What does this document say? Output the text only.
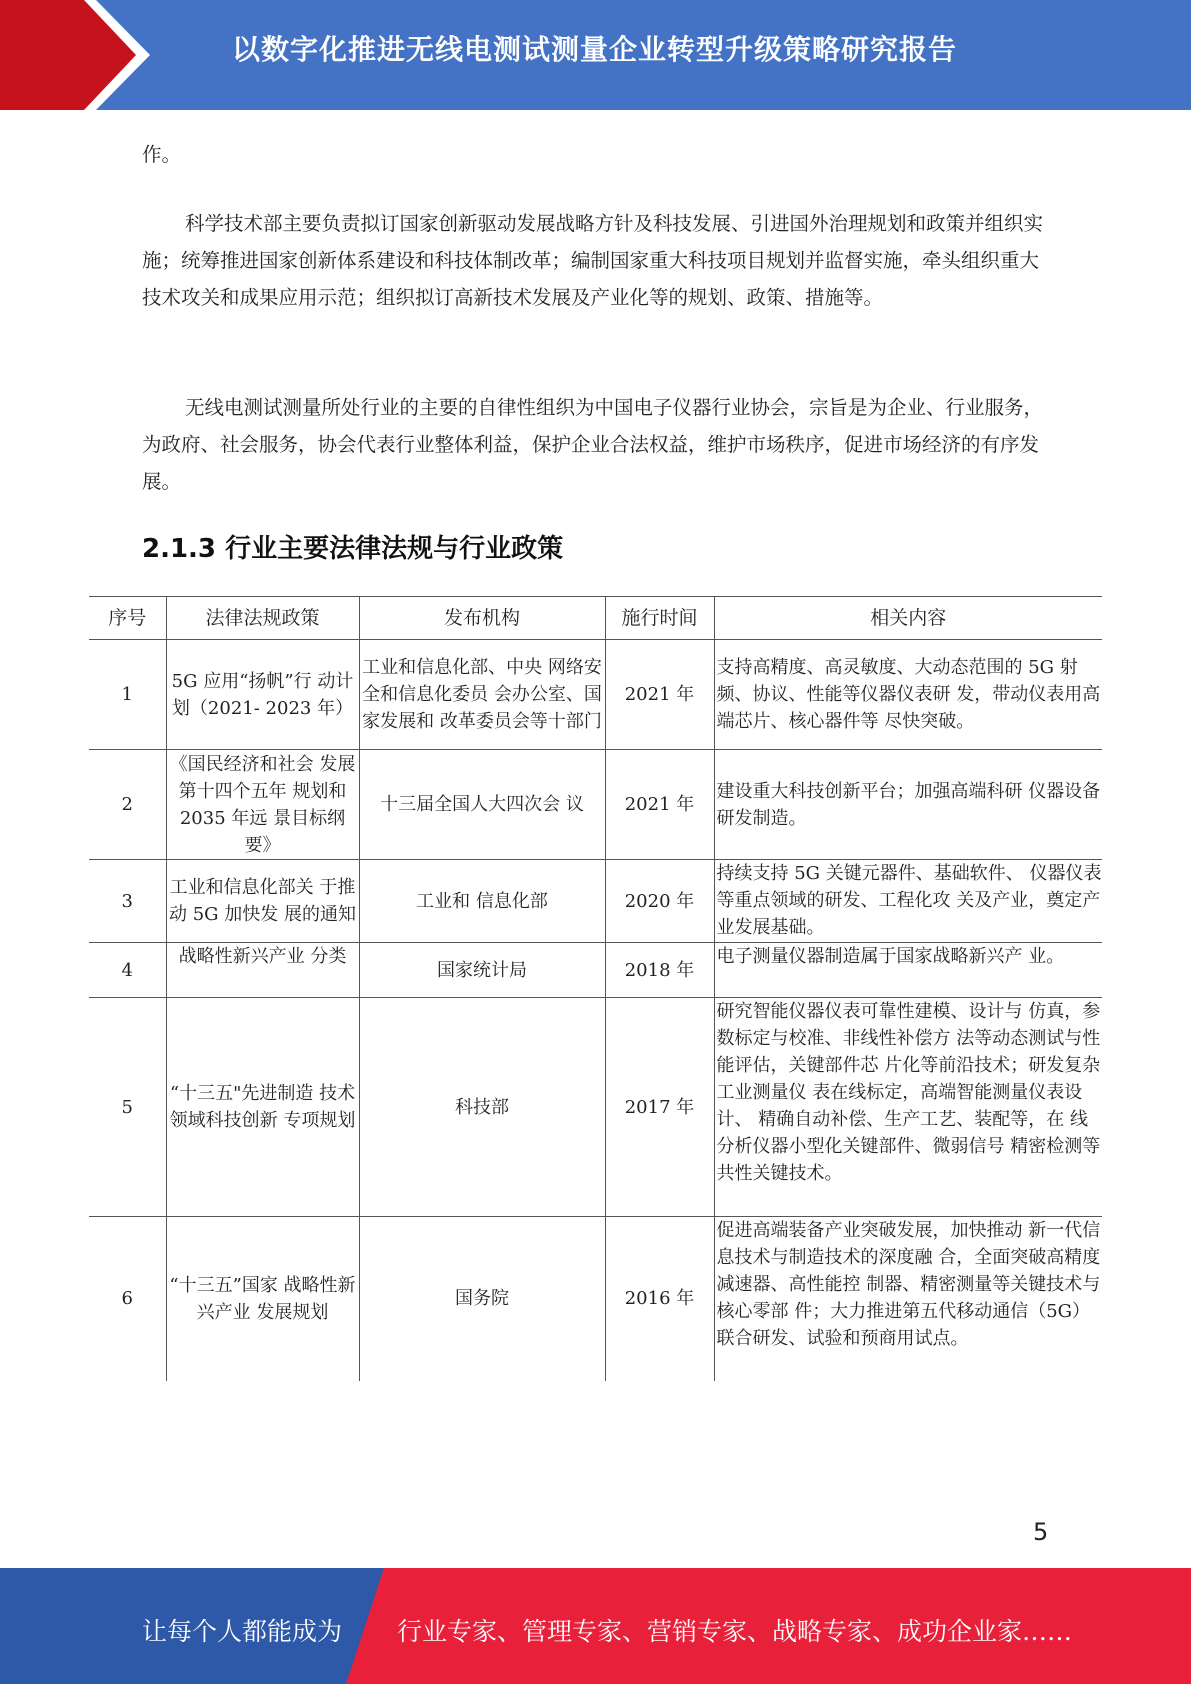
以数字化推进无线电测试测量企业转型升级策略研究报告

作。

科学技术部主要负责拟订国家创新驱动发展战略方针及科技发展、引进国外治理规划和政策并组织实施；统筹推进国家创新体系建设和科技体制改革；编制国家重大科技项目规划并监督实施，牵头组织重大技术攻关和成果应用示范；组织拟订高新技术发展及产业化等的规划、政策、措施等。

无线电测试测量所处行业的主要的自律性组织为中国电子仪器行业协会，宗旨是为企业、行业服务，为政府、社会服务，协会代表行业整体利益，保护企业合法权益，维护市场秩序，促进市场经济的有序发展。

2.1.3 行业主要法律法规与行业政策
序号	法律法规政策	发布机构	施行时间	相关内容
1	5G 应用“扬帆”行 动计划（2021- 2023 年）	工业和信息化部、中央 网络安全和信息化委员 会办公室、国家发展和 改革委员会等十部门	2021 年	支持高精度、高灵敏度、大动态范围的 5G 射频、协议、性能等仪器仪表研 发，带动仪表用高端芯片、核心器件等 尽快突破。
2	《国民经济和社会 发展第十四个五年 规划和 2035 年远 景目标纲要》	十三届全国人大四次会 议	2021 年	建设重大科技创新平台；加强高端科研 仪器设备研发制造。
3	工业和信息化部关 于推动 5G 加快发 展的通知	工业和 信息化部	2020 年	持续支持 5G 关键元器件、基础软件、 仪器仪表等重点领域的研发、工程化攻 关及产业，奠定产业发展基础。
4	战略性新兴产业 分类	国家统计局	2018 年	电子测量仪器制造属于国家战略新兴产 业。
5	“十三五"先进制造 技术领域科技创新 专项规划	科技部	2017 年	研究智能仪器仪表可靠性建模、设计与 仿真，参数标定与校准、非线性补偿方 法等动态测试与性能评估，关键部件芯 片化等前沿技术；研发复杂工业测量仪 表在线标定，高端智能测量仪表设计、 精确自动补偿、生产工艺、装配等，在 线分析仪器小型化关键部件、微弱信号 精密检测等共性关键技术。
6	“十三五”国家 战略性新兴产业 发展规划	国务院	2016 年	促进高端装备产业突破发展，加快推动 新一代信息技术与制造技术的深度融 合，全面突破高精度减速器、高性能控 制器、精密测量等关键技术与核心零部 件；大力推进第五代移动通信（5G） 联合研发、试验和预商用试点。
5
让每个人都能成为 行业专家、管理专家、营销专家、战略专家、成功企业家……
